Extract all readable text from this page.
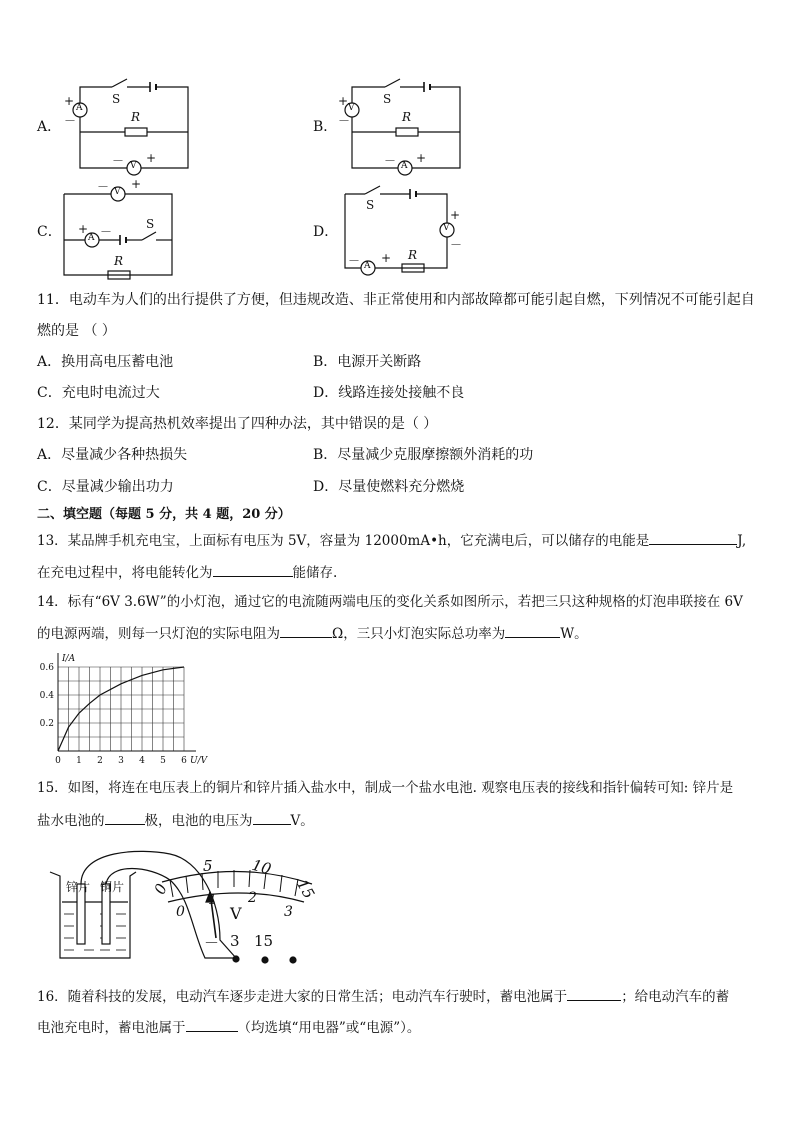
A．	B．
C．	D．
A
+
－
S
R
V
－ +
V
+
－
S
R
A
－ +
V
－ +
A
+ －
S
R
S
V
+
－
A
－ + R
11．电动车为人们的出行提供了方便，但违规改造、非正常使用和内部故障都可能引起自燃，下列情况不可能引起自
燃的是 （ ）
A．换用高电压蓄电池	B．电源开关断路
C．充电时电流过大	D．线路连接处接触不良
12．某同学为提高热机效率提出了四种办法，其中错误的是（ ）
A．尽量减少各种热损失	B．尽量减少克服摩擦额外消耗的功
C．尽量减少输出功力	D．尽量使燃料充分燃烧
二、填空题（每题 5 分，共 4 题，20 分）
13．某品牌手机充电宝，上面标有电压为 5V，容量为 12000mA•h，它充满电后，可以储存的电能是	J,
在充电过程中，将电能转化为	能储存.
14．标有“6V 3.6W”的小灯泡，通过它的电流随两端电压的变化关系如图所示，若把三只这种规格的灯泡串联接在 6V
的电源两端，则每一只灯泡的实际电阻为	Ω，三只小灯泡实际总功率为	W。
0 1 2 3 4 5 6
0.2
0.4
0.6
U/V
I/A
15．如图，将连在电压表上的铜片和锌片插入盐水中，制成一个盐水电池. 观察电压表的接线和指针偏转可知: 锌片是
盐水电池的	极，电池的电压为	V。
锌片 铜片 0
5 10
15
0
1 2
3
V
－ 3 15
16．随着科技的发展，电动汽车逐步走进大家的日常生活；电动汽车行驶时，蓄电池属于	；给电动汽车的蓄
电池充电时，蓄电池属于	（均选填“用电器”或“电源”）。
